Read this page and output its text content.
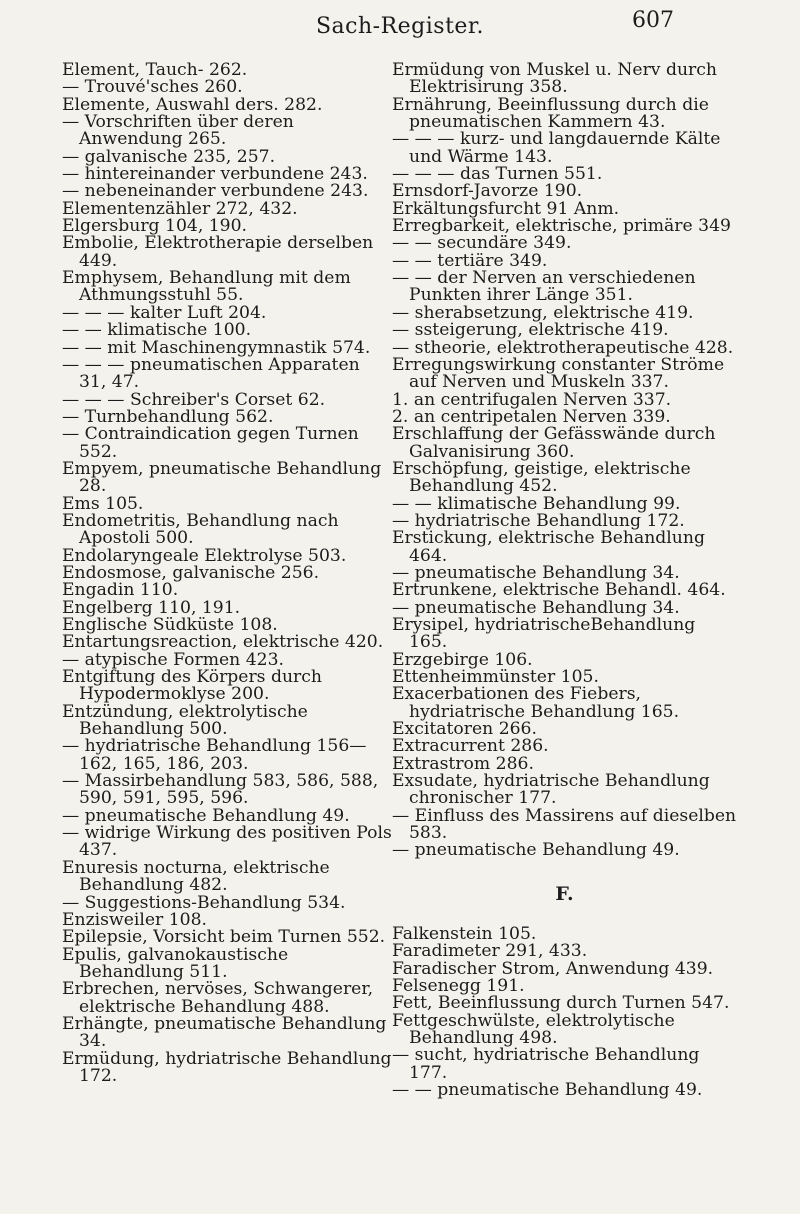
Sach-Register.	607

Element, Tauch- 262.

— Trouvé'sches 260.

Elemente, Auswahl ders. 282.

— Vorschriften über deren Anwendung 265.

— galvanische 235, 257.

— hintereinander verbundene 243.

— nebeneinander verbundene 243.

Elementenzähler 272, 432.

Elgersburg 104, 190.

Embolie, Elektrotherapie derselben 449.

Emphysem, Behandlung mit dem Athmungsstuhl 55.

— — — kalter Luft 204.

— — klimatische 100.

— — mit Maschinengymnastik 574.

— — — pneumatischen Apparaten 31, 47.

— — — Schreiber's Corset 62.

— Turnbehandlung 562.

— Contraindication gegen Turnen 552.

Empyem, pneumatische Behandlung 28.

Ems 105.

Endometritis, Behandlung nach Apostoli 500.

Endolaryngeale Elektrolyse 503.

Endosmose, galvanische 256.

Engadin 110.

Engelberg 110, 191.

Englische Südküste 108.

Entartungsreaction, elektrische 420.

— atypische Formen 423.

Entgiftung des Körpers durch Hypodermoklyse 200.

Entzündung, elektrolytische Behandlung 500.

— hydriatrische Behandlung 156—162, 165, 186, 203.

— Massirbehandlung 583, 586, 588, 590, 591, 595, 596.

— pneumatische Behandlung 49.

— widrige Wirkung des positiven Pols 437.

Enuresis nocturna, elektrische Behandlung 482.

— Suggestions-Behandlung 534.

Enzisweiler 108.

Epilepsie, Vorsicht beim Turnen 552.

Epulis, galvanokaustische Behandlung 511.

Erbrechen, nervöses, Schwangerer, elektrische Behandlung 488.

Erhängte, pneumatische Behandlung 34.

Ermüdung, hydriatrische Behandlung 172.

Ermüdung von Muskel u. Nerv durch Elektrisirung 358.

Ernährung, Beeinflussung durch die pneumatischen Kammern 43.

— — — kurz- und langdauernde Kälte und Wärme 143.

— — — das Turnen 551.

Ernsdorf-Javorze 190.

Erkältungsfurcht 91 Anm.

Erregbarkeit, elektrische, primäre 349

— — secundäre 349.

— — tertiäre 349.

— — der Nerven an verschiedenen Punkten ihrer Länge 351.

— sherabsetzung, elektrische 419.

— ssteigerung, elektrische 419.

— stheorie, elektrotherapeutische 428.

Erregungswirkung constanter Ströme auf Nerven und Muskeln 337.

1. an centrifugalen Nerven 337.

2. an centripetalen Nerven 339.

Erschlaffung der Gefässwände durch Galvanisirung 360.

Erschöpfung, geistige, elektrische Behandlung 452.

— — klimatische Behandlung 99.

— hydriatrische Behandlung 172.

Erstickung, elektrische Behandlung 464.

— pneumatische Behandlung 34.

Ertrunkene, elektrische Behandl. 464.

— pneumatische Behandlung 34.

Erysipel, hydriatrischeBehandlung 165.

Erzgebirge 106.

Ettenheimmünster 105.

Exacerbationen des Fiebers, hydriatrische Behandlung 165.

Excitatoren 266.

Extracurrent 286.

Extrastrom 286.

Exsudate, hydriatrische Behandlung chronischer 177.

— Einfluss des Massirens auf dieselben 583.

— pneumatische Behandlung 49.

F.

Falkenstein 105.

Faradimeter 291, 433.

Faradischer Strom, Anwendung 439.

Felsenegg 191.

Fett, Beeinflussung durch Turnen 547.

Fettgeschwülste, elektrolytische Behandlung 498.

— sucht, hydriatrische Behandlung 177.

— — pneumatische Behandlung 49.
